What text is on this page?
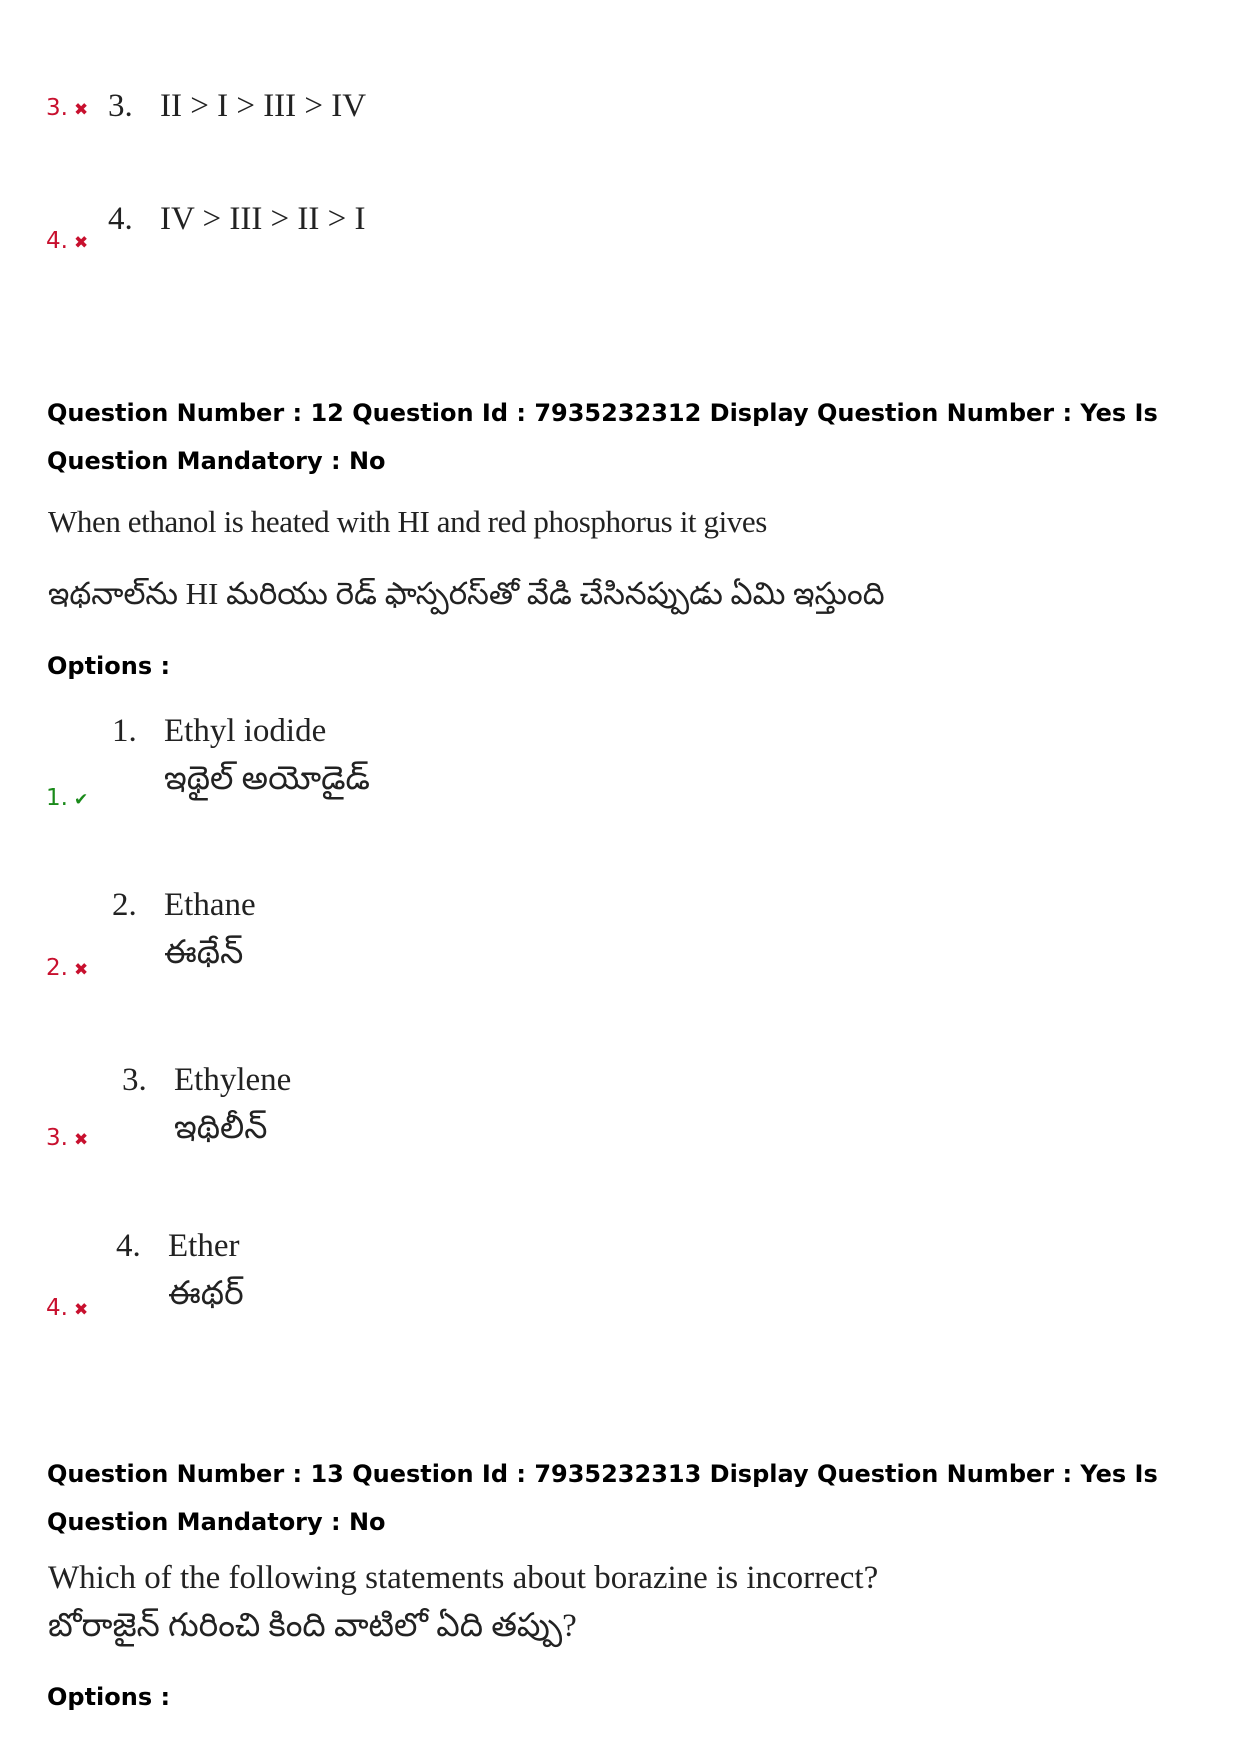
3. ✖ 3. II > I > III > IV
4. ✖
4. IV > III > II > I
Question Number : 12 Question Id : 7935232312 Display Question Number : Yes Is Question Mandatory : No
When ethanol is heated with HI and red phosphorus it gives
ఇథనాల్‌ను HI మరియు రెడ్ ఫాస్పరస్‌తో వేడి చేసినప్పుడు ఏమి ఇస్తుంది
Options :
1. ✔
1. Ethyl iodide
ఇథైల్ అయోడైడ్
2. ✖
2. Ethane
ఈథేన్
3. ✖
3. Ethylene
ఇథిలీన్
4. ✖
4. Ether
ఈథర్
Question Number : 13 Question Id : 7935232313 Display Question Number : Yes Is Question Mandatory : No
Which of the following statements about borazine is incorrect?
బోరాజైన్ గురించి కింది వాటిలో ఏది తప్పు?
Options :
